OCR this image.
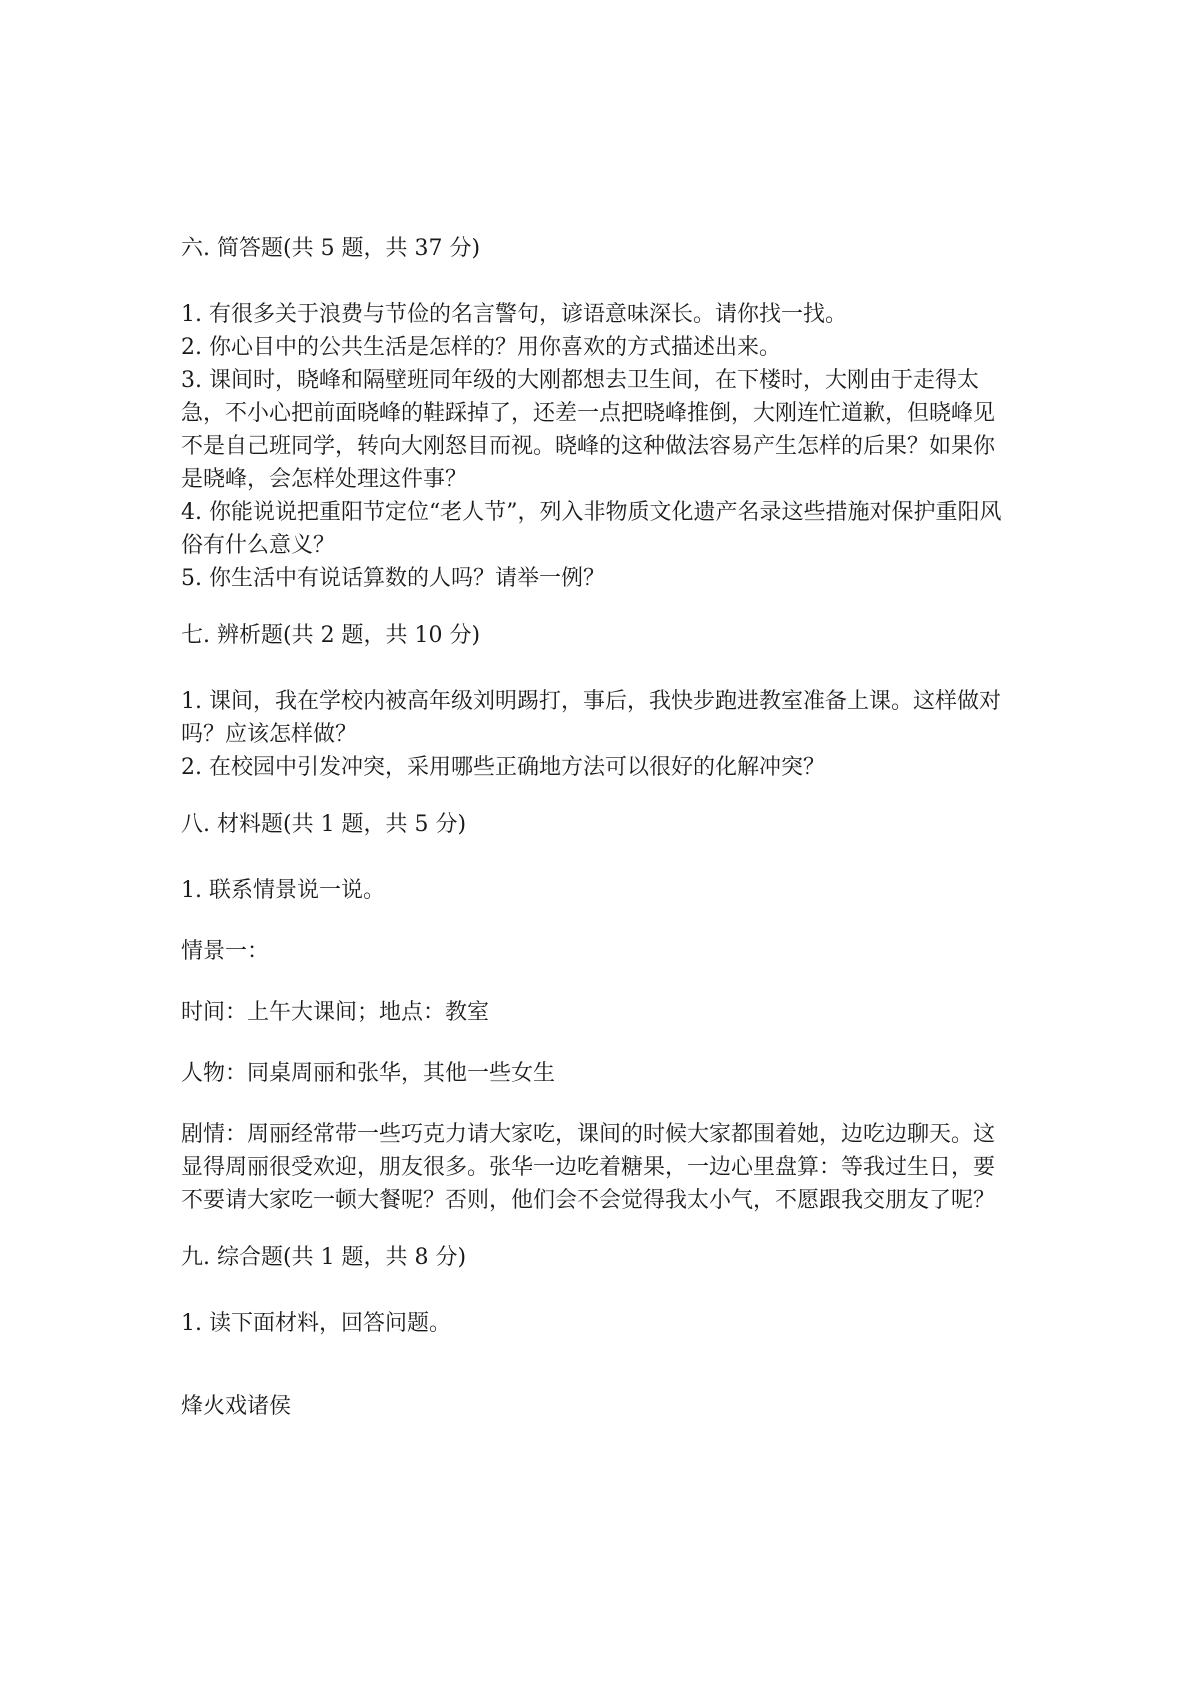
六. 简答题(共 5 题，共 37 分)

1. 有很多关于浪费与节俭的名言警句，谚语意味深长。请你找一找。

2. 你心目中的公共生活是怎样的？用你喜欢的方式描述出来。

3. 课间时，晓峰和隔壁班同年级的大刚都想去卫生间，在下楼时，大刚由于走得太急，不小心把前面晓峰的鞋踩掉了，还差一点把晓峰推倒，大刚连忙道歉，但晓峰见不是自己班同学，转向大刚怒目而视。晓峰的这种做法容易产生怎样的后果？如果你是晓峰，会怎样处理这件事？

4. 你能说说把重阳节定位“老人节”，列入非物质文化遗产名录这些措施对保护重阳风俗有什么意义？

5. 你生活中有说话算数的人吗？请举一例？

七. 辨析题(共 2 题，共 10 分)

1. 课间，我在学校内被高年级刘明踢打，事后，我快步跑进教室准备上课。这样做对吗？应该怎样做？

2. 在校园中引发冲突，采用哪些正确地方法可以很好的化解冲突？

八. 材料题(共 1 题，共 5 分)

1. 联系情景说一说。

情景一：

时间：上午大课间；地点：教室

人物：同桌周丽和张华，其他一些女生

剧情：周丽经常带一些巧克力请大家吃，课间的时候大家都围着她，边吃边聊天。这显得周丽很受欢迎，朋友很多。张华一边吃着糖果，一边心里盘算：等我过生日，要不要请大家吃一顿大餐呢？否则，他们会不会觉得我太小气，不愿跟我交朋友了呢？

九. 综合题(共 1 题，共 8 分)

1. 读下面材料，回答问题。

烽火戏诸侯
